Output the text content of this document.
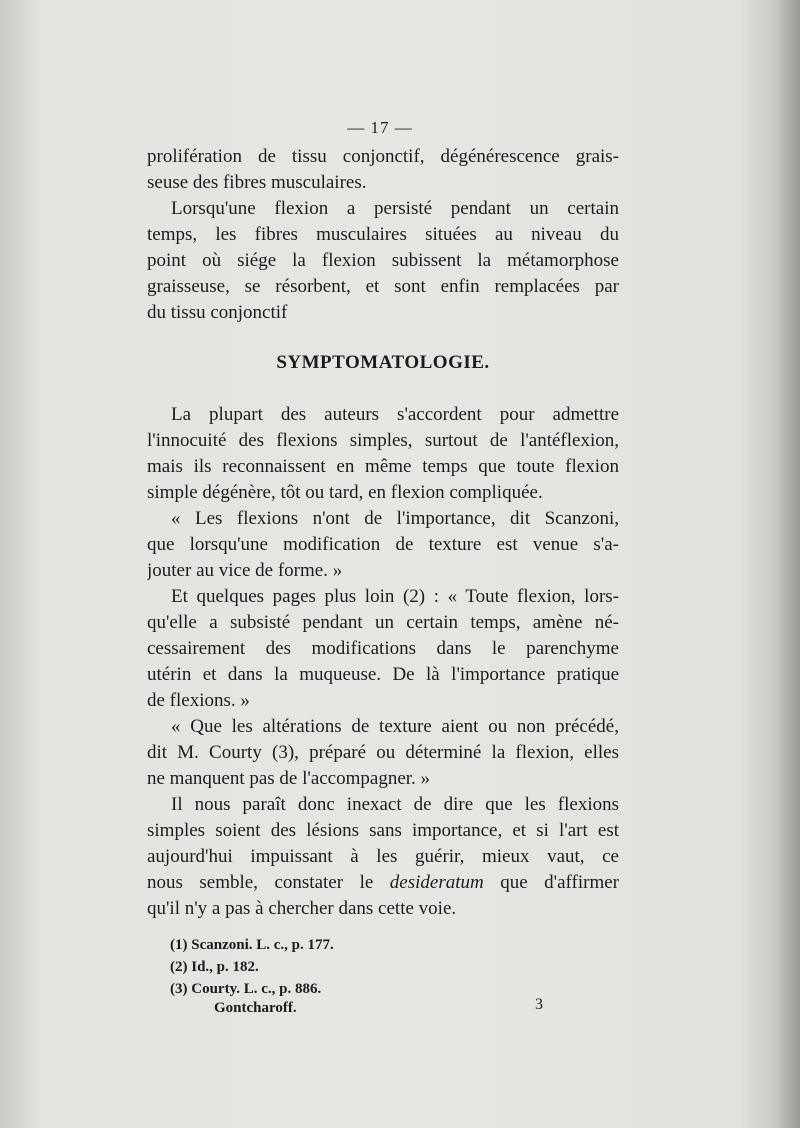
— 17 —
prolifération de tissu conjonctif, dégénérescence grais-
seuse des fibres musculaires.
Lorsqu'une flexion a persisté pendant un certain
temps, les fibres musculaires situées au niveau du
point où siége la flexion subissent la métamorphose
graisseuse, se résorbent, et sont enfin remplacées par
du tissu conjonctif
SYMPTOMATOLOGIE.
La plupart des auteurs s'accordent pour admettre
l'innocuité des flexions simples, surtout de l'antéflexion,
mais ils reconnaissent en même temps que toute flexion
simple dégénère, tôt ou tard, en flexion compliquée.
« Les flexions n'ont de l'importance, dit Scanzoni,
que lorsqu'une modification de texture est venue s'a-
jouter au vice de forme. »
Et quelques pages plus loin (2) : « Toute flexion, lors-
qu'elle a subsisté pendant un certain temps, amène né-
cessairement des modifications dans le parenchyme
utérin et dans la muqueuse. De là l'importance pratique
de flexions. »
« Que les altérations de texture aient ou non précédé,
dit M. Courty (3), préparé ou déterminé la flexion, elles
ne manquent pas de l'accompagner. »
Il nous paraît donc inexact de dire que les flexions
simples soient des lésions sans importance, et si l'art est
aujourd'hui impuissant à les guérir, mieux vaut, ce
nous semble, constater le desideratum que d'affirmer
qu'il n'y a pas à chercher dans cette voie.
(1) Scanzoni. L. c., p. 177.
(2) Id., p. 182.
(3) Courty. L. c., p. 886.
Gontcharoff.	3
